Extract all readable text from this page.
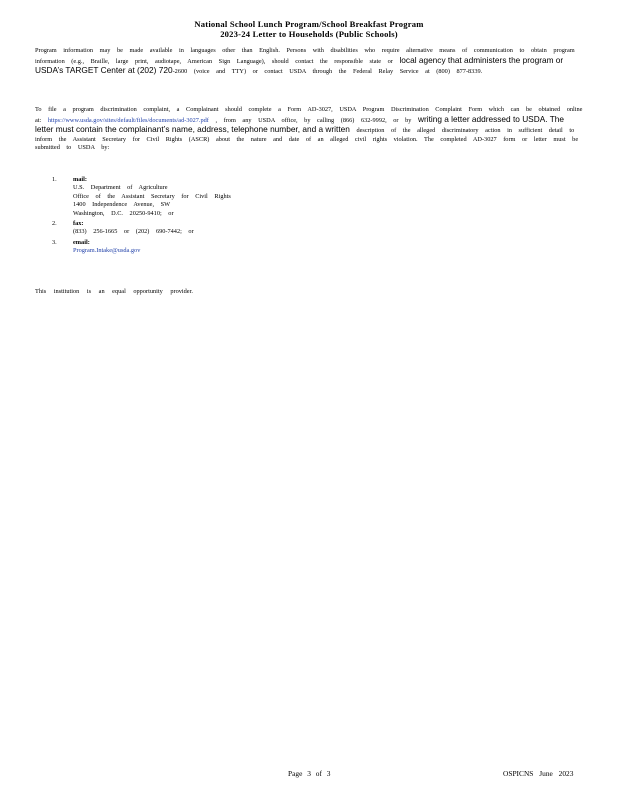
National School Lunch Program/School Breakfast Program
2023-24 Letter to Households (Public Schools)
Program information may be made available in languages other than English. Persons with disabilities who require alternative means of communication to obtain program information (e.g., Braille, large print, audiotape, American Sign Language), should contact the responsible state or local agency that administers the program or USDA’s TARGET Center at (202) 720-2600 (voice and TTY) or contact USDA through the Federal Relay Service at (800) 877-8339.
To file a program discrimination complaint, a Complainant should complete a Form AD-3027, USDA Program Discrimination Complaint Form which can be obtained online at: https://www.usda.gov/sites/default/files/documents/ad-3027.pdf , from any USDA office, by calling (866) 632-9992, or by writing a letter addressed to USDA. The letter must contain the complainant’s name, address, telephone number, and a written description of the alleged discriminatory action in sufficient detail to inform the Assistant Secretary for Civil Rights (ASCR) about the nature and date of an alleged civil rights violation. The completed AD-3027 form or letter must be submitted to USDA by:
1.	mail:
U.S. Department of Agriculture
Office of the Assistant Secretary for Civil Rights
1400 Independence Avenue, SW
Washington, D.C. 20250-9410; or
2.	fax:
(833) 256-1665 or (202) 690-7442; or
3.	email:
Program.Intake@usda.gov
This institution is an equal opportunity provider.
Page 3 of 3	OSPICNS June 2023
